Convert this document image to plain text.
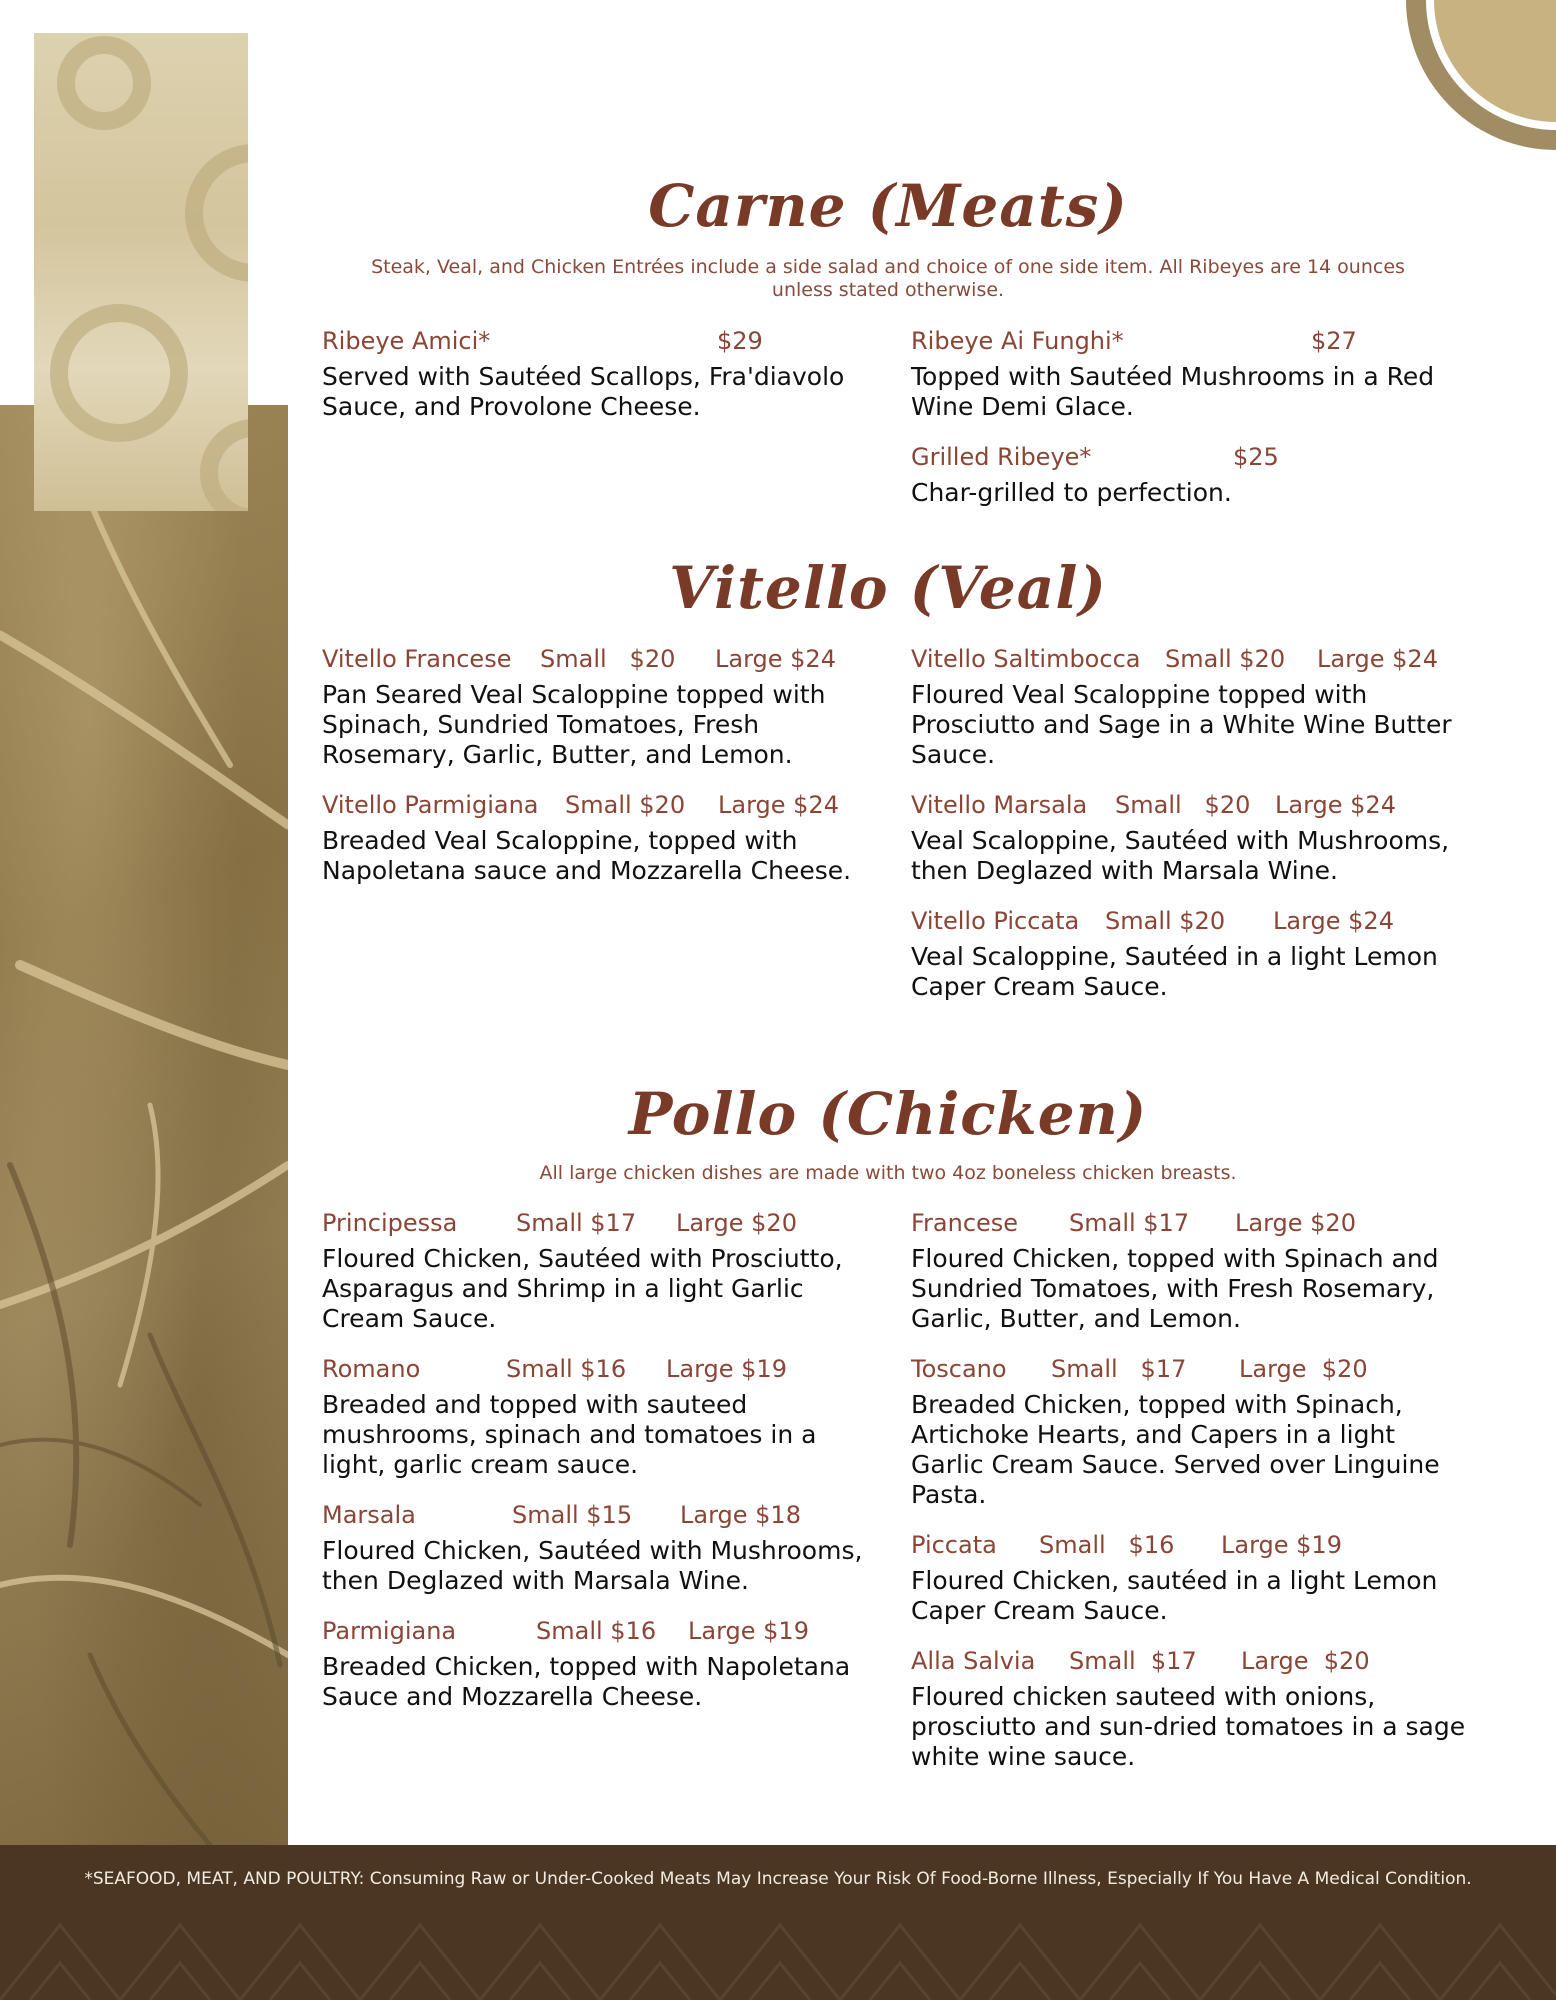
Carne (Meats)
Steak, Veal, and Chicken Entrées include a side salad and choice of one side item. All Ribeyes are 14 ounces unless stated otherwise.
Ribeye Amici*	$29
Served with Sautéed Scallops, Fra'diavolo Sauce, and Provolone Cheese.
Ribeye Ai Funghi*	$27
Topped with Sautéed Mushrooms in a Red Wine Demi Glace.
Grilled Ribeye*	$25
Char-grilled to perfection.
Vitello (Veal)
Vitello Francese	Small   $20	Large $24
Pan Seared Veal Scaloppine topped with Spinach, Sundried Tomatoes, Fresh Rosemary, Garlic, Butter, and Lemon.
Vitello Parmigiana	Small $20	Large $24
Breaded Veal Scaloppine, topped with Napoletana sauce and Mozzarella Cheese.
Vitello Saltimbocca	Small $20	Large $24
Floured Veal Scaloppine topped with Prosciutto and Sage in a White Wine Butter Sauce.
Vitello Marsala	Small   $20	Large $24
Veal Scaloppine, Sautéed with Mushrooms, then Deglazed with Marsala Wine.
Vitello Piccata	Small $20	Large $24
Veal Scaloppine, Sautéed in a light Lemon Caper Cream Sauce.
Pollo (Chicken)
All large chicken dishes are made with two 4oz boneless chicken breasts.
Principessa	Small $17	Large $20
Floured Chicken, Sautéed with Prosciutto, Asparagus and Shrimp in a light Garlic Cream Sauce.
Romano	Small $16	Large $19
Breaded and topped with sauteed mushrooms, spinach and tomatoes in a light, garlic cream sauce.
Marsala	Small $15	Large $18
Floured Chicken, Sautéed with Mushrooms, then Deglazed with Marsala Wine.
Parmigiana	Small $16	Large $19
Breaded Chicken, topped with Napoletana Sauce and Mozzarella Cheese.
Francese	Small $17	Large $20
Floured Chicken, topped with Spinach and Sundried Tomatoes, with Fresh Rosemary, Garlic, Butter, and Lemon.
Toscano	Small   $17	Large  $20
Breaded Chicken, topped with Spinach, Artichoke Hearts, and Capers in a light Garlic Cream Sauce. Served over Linguine Pasta.
Piccata	Small   $16	Large $19
Floured Chicken, sautéed in a light Lemon Caper Cream Sauce.
Alla Salvia	Small  $17	Large  $20
Floured chicken sauteed with onions, prosciutto and sun-dried tomatoes in a sage white wine sauce.
*SEAFOOD, MEAT, AND POULTRY: Consuming Raw or Under-Cooked Meats May Increase Your Risk Of Food-Borne Illness, Especially If You Have A Medical Condition.
